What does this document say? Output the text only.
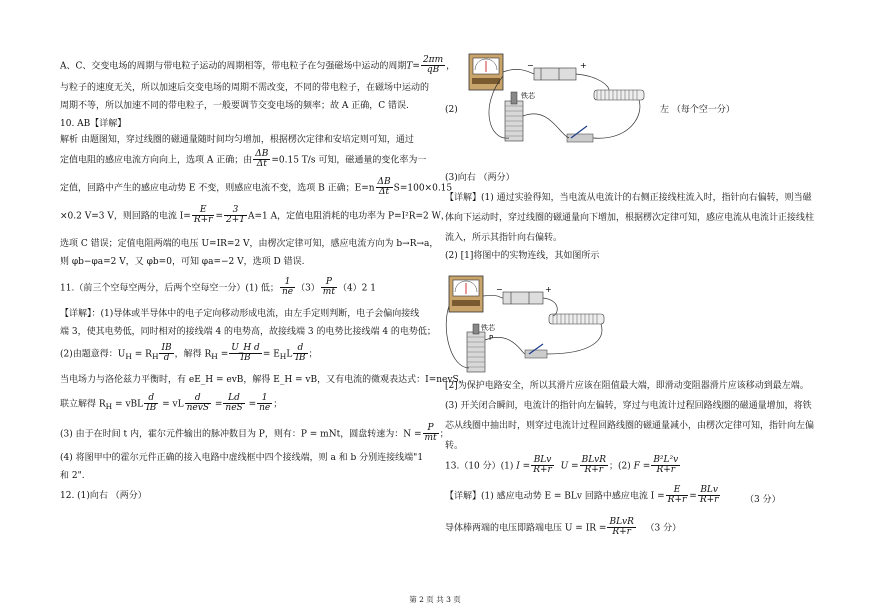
A、C、交变电场的周期与带电粒子运动的周期相等，带电粒子在匀强磁场中运动的周期$T= \frac{2\pi m}{qB}$ ，
与粒子的速度无关，所以加速后交变电场的周期不需改变，不同的带电粒子，在磁场中运动的
周期不等，所以加速不同的带电粒子，一般要调节交变电场的频率；故 A 正确，C 错误.
10. AB【详解】
解析 由题图知，穿过线圈的磁通量随时间均匀增加，根据楞次定律和安培定则可知，通过
定值电阻的感应电流方向向上，选项 A 正确；由 $\frac{\Delta B}{\Delta t} =0.15$ T/s 可知，磁通量的变化率为一
定值，回路中产生的感应电动势 E 不变，则感应电流不变，选项 B 正确；$E=n \frac{\Delta B}{\Delta t} S=100\times 0.15$
×0.2 V=3 V，则回路的电流 $I= \frac{E}{R+r} = \frac{3}{2+1} A=1$ A，定值电阻消耗的电功率为 P=I²R=2 W，
选项 C 错误；定值电阻两端的电压 U=IR=2 V，由楞次定律可知，感应电流方向为 b→R→a，
则 φb−φa=2 V，又 φb=0，可知 φa=−2 V，选项 D 错误.
11.（前三个空每空两分，后两个空每空一分）(1) 低； $\frac{1}{ne} (3) \frac{P}{mt} (4)2$ 1
【详解】：(1)导体或半导体中的电子定向移动形成电流，由左手定则判断，电子会偏向接线
端 3，使其电势低，同时相对的接线端 4 的电势高，故接线端 3 的电势比接线端 4 的电势低；
(2)由题意得：$U_H = R_H \frac{IB}{d}$ ，解得 $R_H = \frac{\text{U\_H d}}{IB} = E_HL \frac{d}{IB}$ ；
当电场力与洛伦兹力平衡时，有 eE_H = evB，解得 E_H = vB，又有电流的微观表达式：I=nevS，
联立解得 $R_H$ = vBL $\frac{d}{IB}$ = vL $\frac{d}{\text{nevS}} = \frac{Ld}{\text{neS}} = \frac{1}{ne}$ ；
(3) 由于在时间 t 内，霍尔元件输出的脉冲数目为 P，则有：P = mNt，圆盘转速为：$N = \frac{P}{mt}$ ；
(4) 将图甲中的霍尔元件正确的接入电路中虚线框中四个接线端，则 a 和 b 分别连接线端"1
和 2".
12. (1)向右 （两分）
(2)	左 （每个空一分）
−	+
铁芯
(3)向右 （两分）
【详解】(1) 通过实验得知，当电流从电流计的右侧正接线柱流入时，指针向右偏转，则当磁
体向下运动时，穿过线圈的磁通量向下增加，根据楞次定律可知，感应电流从电流计正接线柱
流入，所示其指针向右偏转。
(2) [1]将图中的实物连线，其如图所示
−	+
铁芯
P
[2]为保护电路安全，所以其滑片应该在阻值最大端，即滑动变阻器滑片应该移动到最左端。
(3) 开关闭合瞬间，电流计的指针向左偏转，穿过与电流计过程回路线圈的磁通量增加，将铁
芯从线圈中抽出时，则穿过电流计过程回路线圈的磁通量减小，由楞次定律可知，指针向左偏
转。
13.（10 分）(1) $I = \frac{\text{BLv}}{R+r}$ $U = \frac{\text{BLvR}}{R+r}$ ；(2) $F = \frac{\text{B²L²v}}{R+r}$
【详解】(1) 感应电动势 E = BLv 回路中感应电流 $I = \frac{E}{R+r} = \frac{\text{BLv}}{R+r}$	（3 分）
导体棒两端的电压即路端电压 U = IR = $\frac{\text{BLvR}}{R+r} (3$ 分）
第 2 页 共 3 页
